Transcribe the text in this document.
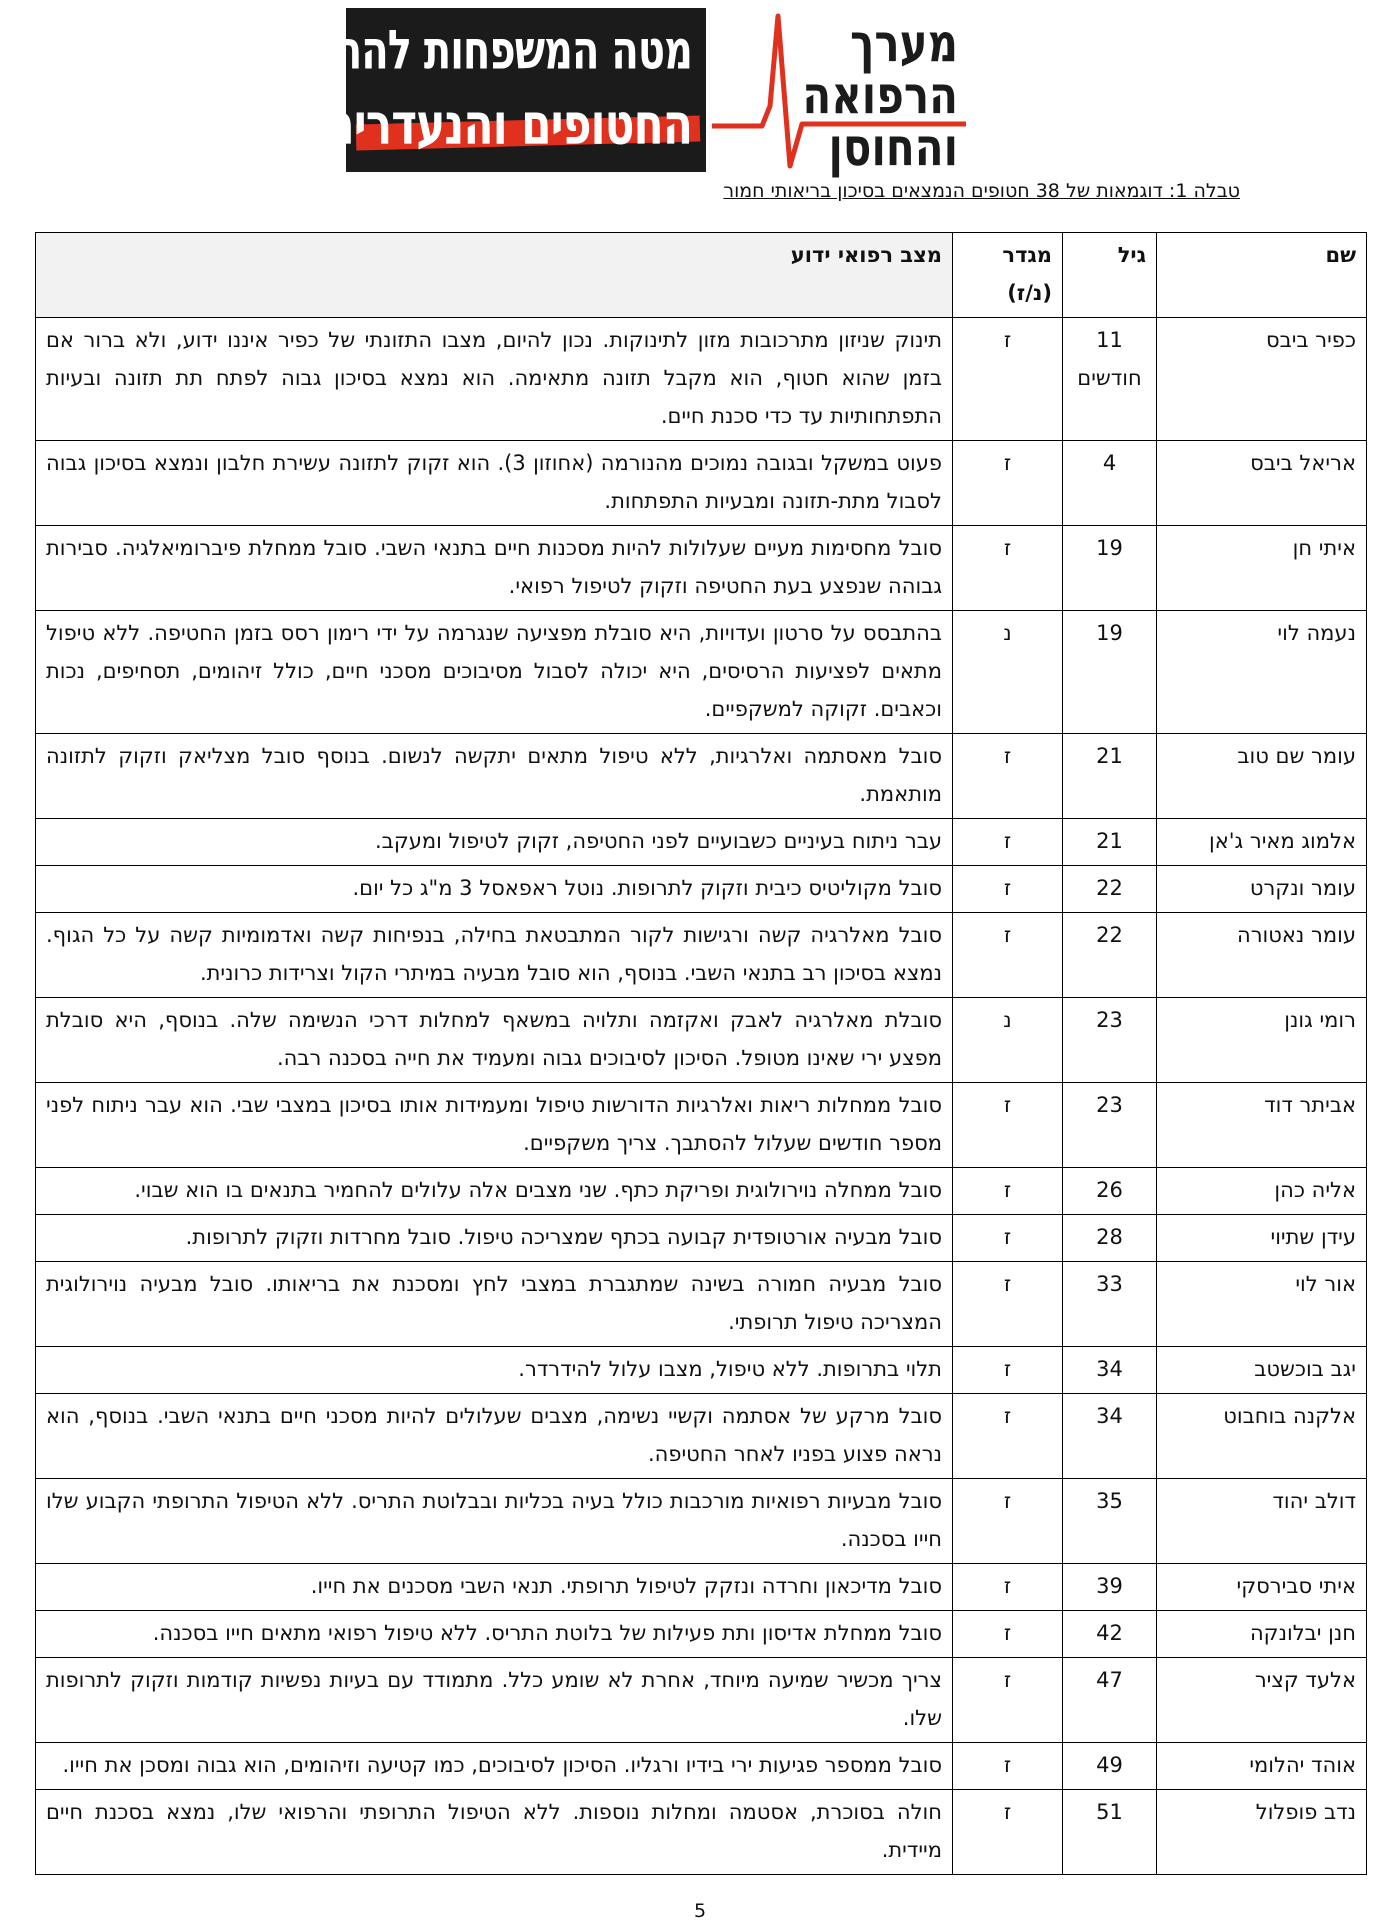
מטה המשפחות להחזרת
החטופים והנעדרים
מערך
הרפואה
והחוסן
טבלה 1: דוגמאות של 38 חטופים הנמצאים בסיכון בריאותי חמור
שם	גיל	מגדר (נ/ז)	מצב רפואי ידוע
כפיר ביבס	11 חודשים	ז	תינוק שניזון מתרכובות מזון לתינוקות. נכון להיום, מצבו התזונתי של כפיר איננו ידוע, ולא ברור אם בזמן שהוא חטוף, הוא מקבל תזונה מתאימה. הוא נמצא בסיכון גבוה לפתח תת תזונה ובעיות התפתחותיות עד כדי סכנת חיים.
אריאל ביבס	4	ז	פעוט במשקל ובגובה נמוכים מהנורמה (אחוזון 3). הוא זקוק לתזונה עשירת חלבון ונמצא בסיכון גבוה לסבול מתת-תזונה ומבעיות התפתחות.
איתי חן	19	ז	סובל מחסימות מעיים שעלולות להיות מסכנות חיים בתנאי השבי. סובל ממחלת פיברומיאלגיה. סבירות גבוהה שנפצע בעת החטיפה וזקוק לטיפול רפואי.
נעמה לוי	19	נ	בהתבסס על סרטון ועדויות, היא סובלת מפציעה שנגרמה על ידי רימון רסס בזמן החטיפה. ללא טיפול מתאים לפציעות הרסיסים, היא יכולה לסבול מסיבוכים מסכני חיים, כולל זיהומים, תסחיפים, נכות וכאבים. זקוקה למשקפיים.
עומר שם טוב	21	ז	סובל מאסתמה ואלרגיות, ללא טיפול מתאים יתקשה לנשום. בנוסף סובל מצליאק וזקוק לתזונה מותאמת.
אלמוג מאיר ג'אן	21	ז	עבר ניתוח בעיניים כשבועיים לפני החטיפה, זקוק לטיפול ומעקב.
עומר ונקרט	22	ז	סובל מקוליטיס כיבית וזקוק לתרופות. נוטל ראפאסל 3 מ"ג כל יום.
עומר נאטורה	22	ז	סובל מאלרגיה קשה ורגישות לקור המתבטאת בחילה, בנפיחות קשה ואדמומיות קשה על כל הגוף. נמצא בסיכון רב בתנאי השבי. בנוסף, הוא סובל מבעיה במיתרי הקול וצרידות כרונית.
רומי גונן	23	נ	סובלת מאלרגיה לאבק ואקזמה ותלויה במשאף למחלות דרכי הנשימה שלה. בנוסף, היא סובלת מפצע ירי שאינו מטופל. הסיכון לסיבוכים גבוה ומעמיד את חייה בסכנה רבה.
אביתר דוד	23	ז	סובל ממחלות ריאות ואלרגיות הדורשות טיפול ומעמידות אותו בסיכון במצבי שבי. הוא עבר ניתוח לפני מספר חודשים שעלול להסתבך. צריך משקפיים.
אליה כהן	26	ז	סובל ממחלה נוירולוגית ופריקת כתף. שני מצבים אלה עלולים להחמיר בתנאים בו הוא שבוי.
עידן שתיוי	28	ז	סובל מבעיה אורטופדית קבועה בכתף שמצריכה טיפול. סובל מחרדות וזקוק לתרופות.
אור לוי	33	ז	סובל מבעיה חמורה בשינה שמתגברת במצבי לחץ ומסכנת את בריאותו. סובל מבעיה נוירולוגית המצריכה טיפול תרופתי.
יגב בוכשטב	34	ז	תלוי בתרופות. ללא טיפול, מצבו עלול להידרדר.
אלקנה בוחבוט	34	ז	סובל מרקע של אסתמה וקשיי נשימה, מצבים שעלולים להיות מסכני חיים בתנאי השבי. בנוסף, הוא נראה פצוע בפניו לאחר החטיפה.
דולב יהוד	35	ז	סובל מבעיות רפואיות מורכבות כולל בעיה בכליות ובבלוטת התריס. ללא הטיפול התרופתי הקבוע שלו חייו בסכנה.
איתי סבירסקי	39	ז	סובל מדיכאון וחרדה ונזקק לטיפול תרופתי. תנאי השבי מסכנים את חייו.
חנן יבלונקה	42	ז	סובל ממחלת אדיסון ותת פעילות של בלוטת התריס. ללא טיפול רפואי מתאים חייו בסכנה.
אלעד קציר	47	ז	צריך מכשיר שמיעה מיוחד, אחרת לא שומע כלל. מתמודד עם בעיות נפשיות קודמות וזקוק לתרופות שלו.
אוהד יהלומי	49	ז	סובל ממספר פגיעות ירי בידיו ורגליו. הסיכון לסיבוכים, כמו קטיעה וזיהומים, הוא גבוה ומסכן את חייו.
נדב פופלול	51	ז	חולה בסוכרת, אסטמה ומחלות נוספות. ללא הטיפול התרופתי והרפואי שלו, נמצא בסכנת חיים מיידית.
5
